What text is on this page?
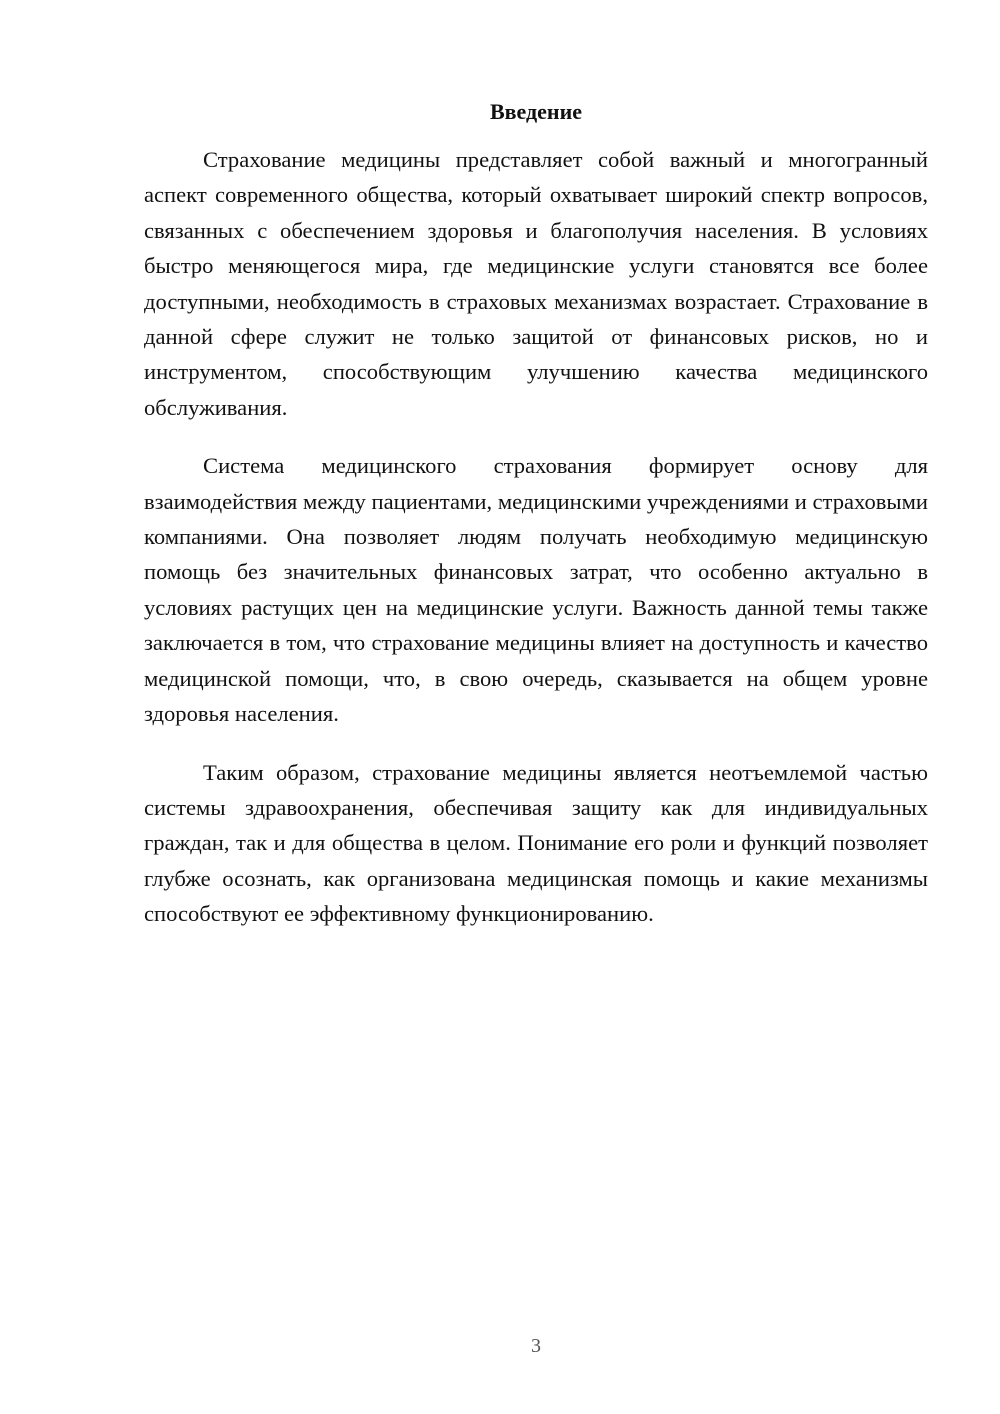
Введение

Страхование медицины представляет собой важный и многогранный аспект современного общества, который охватывает широкий спектр вопросов, связанных с обеспечением здоровья и благополучия населения. В условиях быстро меняющегося мира, где медицинские услуги становятся все более доступными, необходимость в страховых механизмах возрастает. Страхование в данной сфере служит не только защитой от финансовых рисков, но и инструментом, способствующим улучшению качества медицинского обслуживания.

Система медицинского страхования формирует основу для взаимодействия между пациентами, медицинскими учреждениями и страховыми компаниями. Она позволяет людям получать необходимую медицинскую помощь без значительных финансовых затрат, что особенно актуально в условиях растущих цен на медицинские услуги. Важность данной темы также заключается в том, что страхование медицины влияет на доступность и качество медицинской помощи, что, в свою очередь, сказывается на общем уровне здоровья населения.

Таким образом, страхование медицины является неотъемлемой частью системы здравоохранения, обеспечивая защиту как для индивидуальных граждан, так и для общества в целом. Понимание его роли и функций позволяет глубже осознать, как организована медицинская помощь и какие механизмы способствуют ее эффективному функционированию.

3
